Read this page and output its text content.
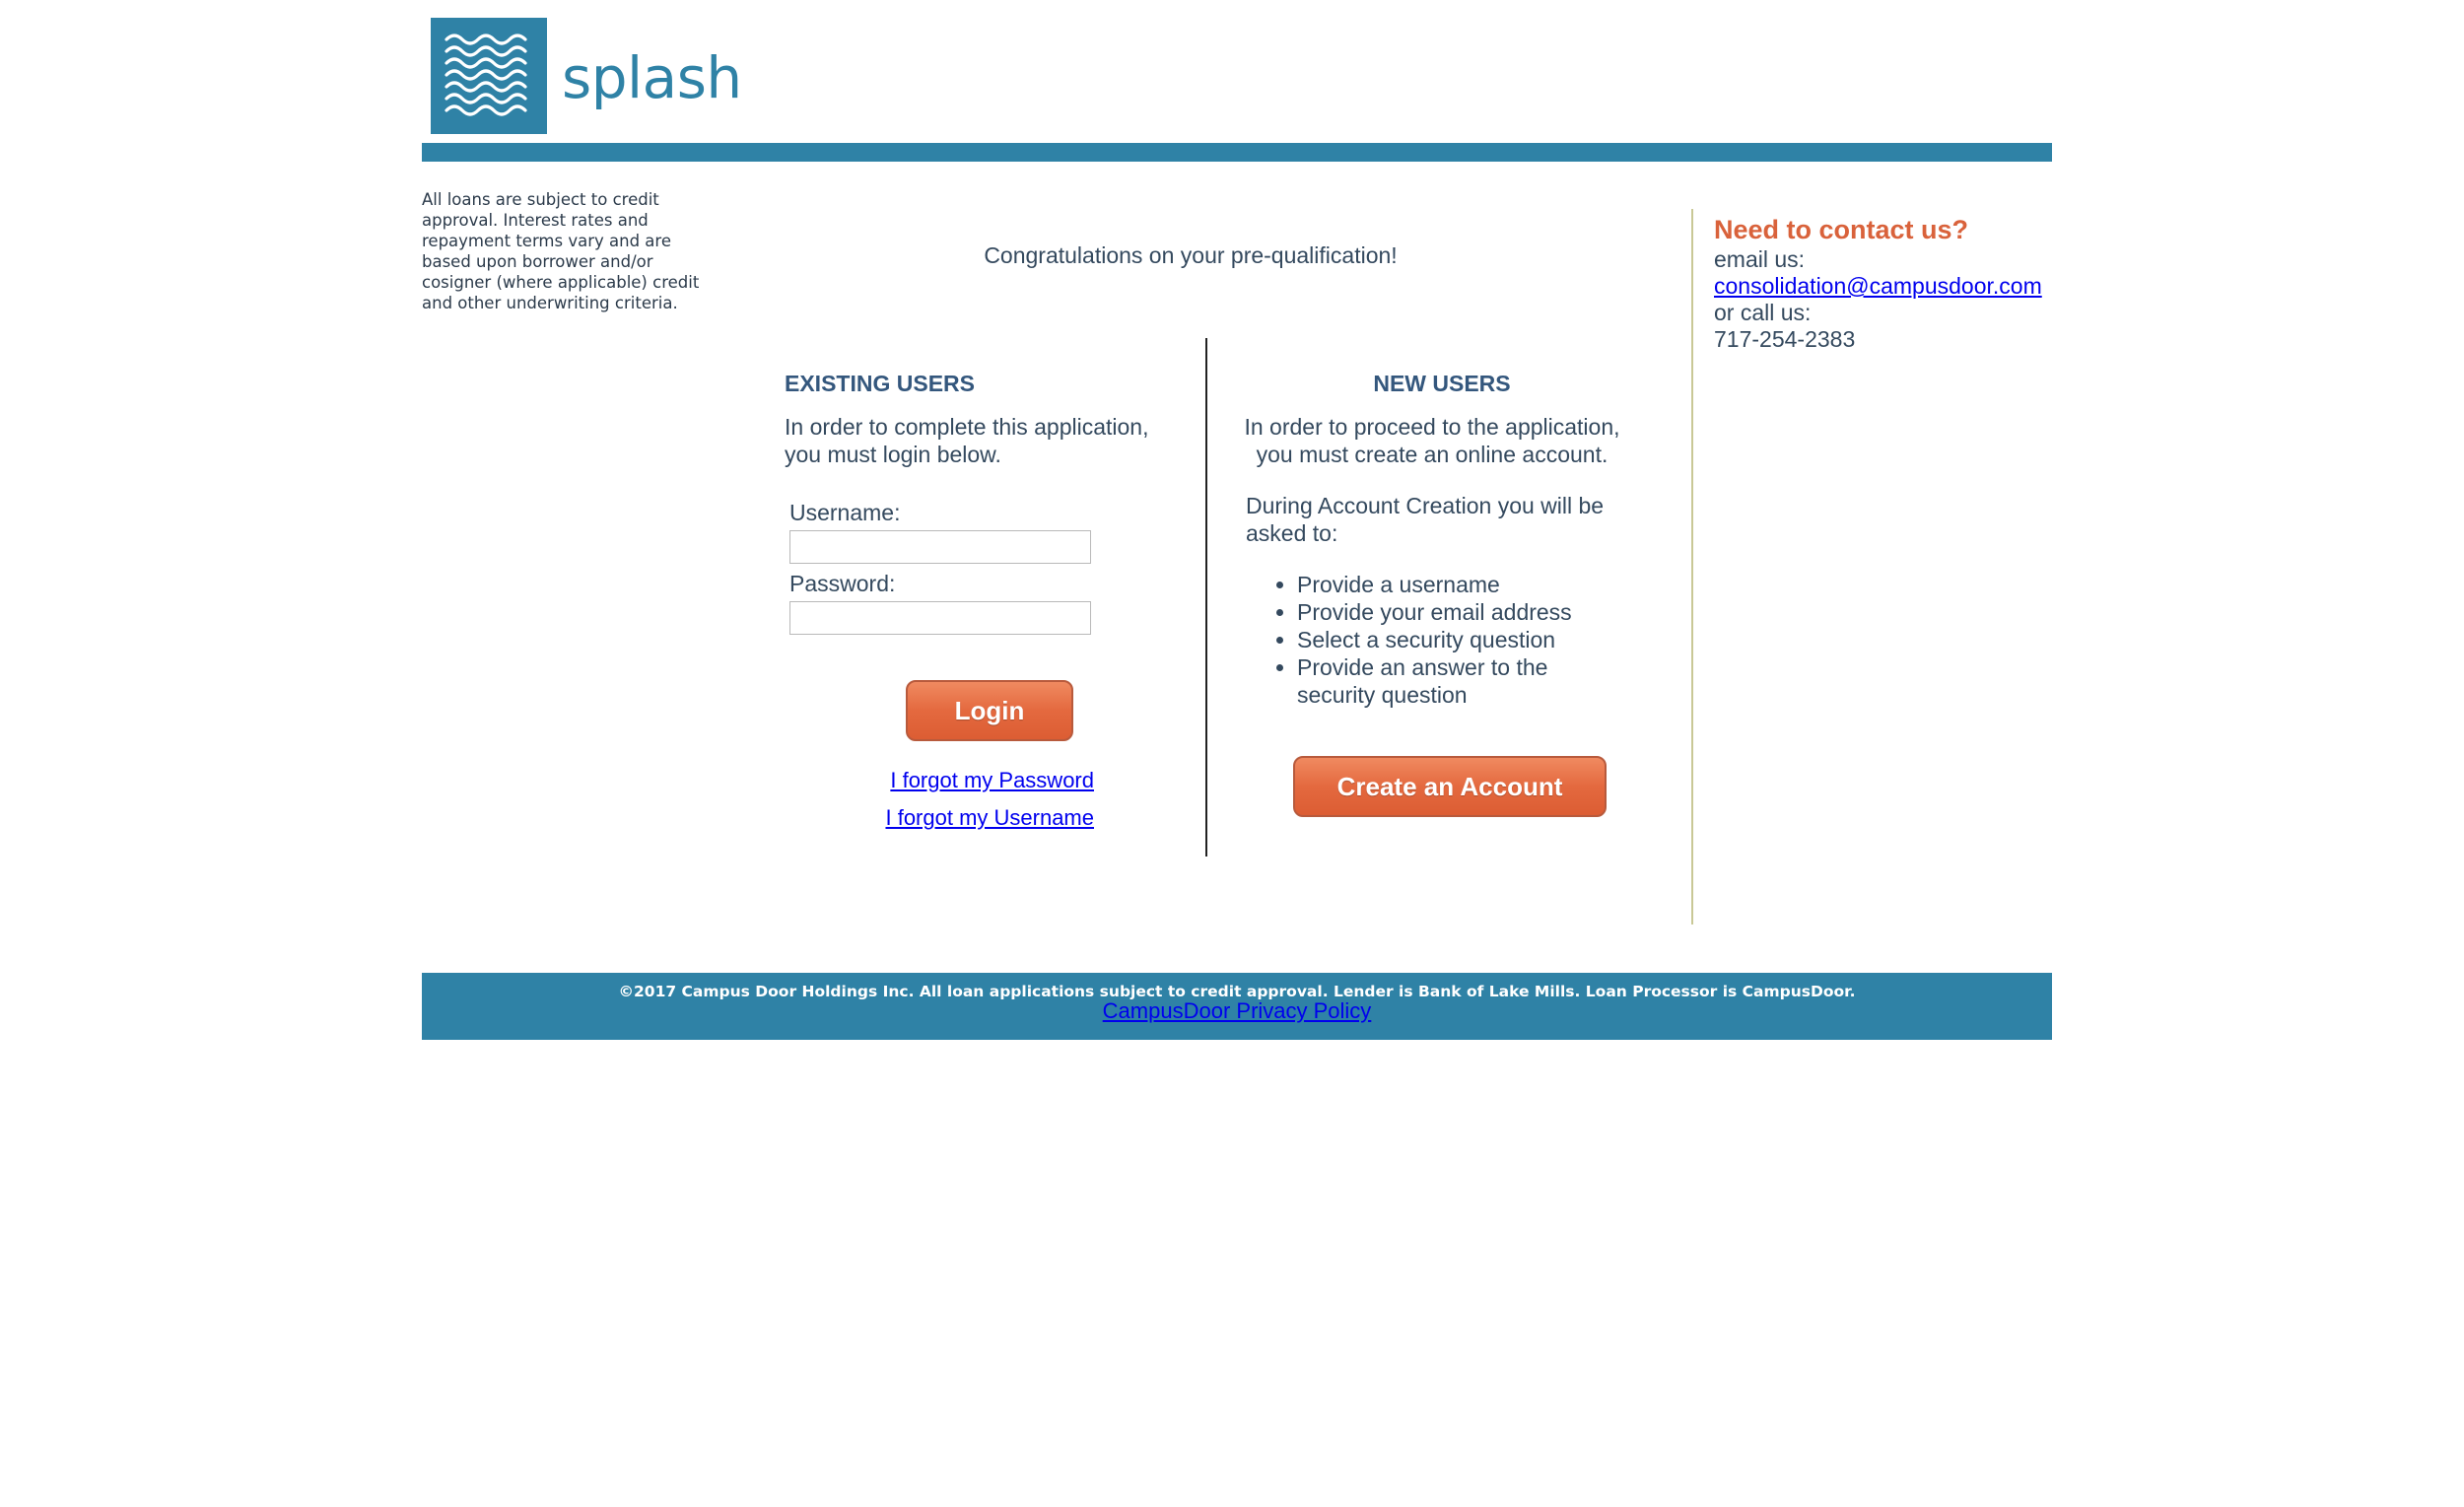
splash
All loans are subject to credit approval. Interest rates and repayment terms vary and are based upon borrower and/or cosigner (where applicable) credit and other underwriting criteria.
Congratulations on your pre-qualification!
EXISTING USERS
In order to complete this application,
you must login below.
Username:
Password:
Login
I forgot my Password
I forgot my Username
NEW USERS
In order to proceed to the application,
you must create an online account.
During Account Creation you will be
asked to:
• Provide a username
• Provide your email address
• Select a security question
• Provide an answer to the security question
Create an Account
Need to contact us?
email us:
consolidation@campusdoor.com
or call us:
717-254-2383
©2017 Campus Door Holdings Inc. All loan applications subject to credit approval. Lender is Bank of Lake Mills. Loan Processor is CampusDoor.
CampusDoor Privacy Policy
